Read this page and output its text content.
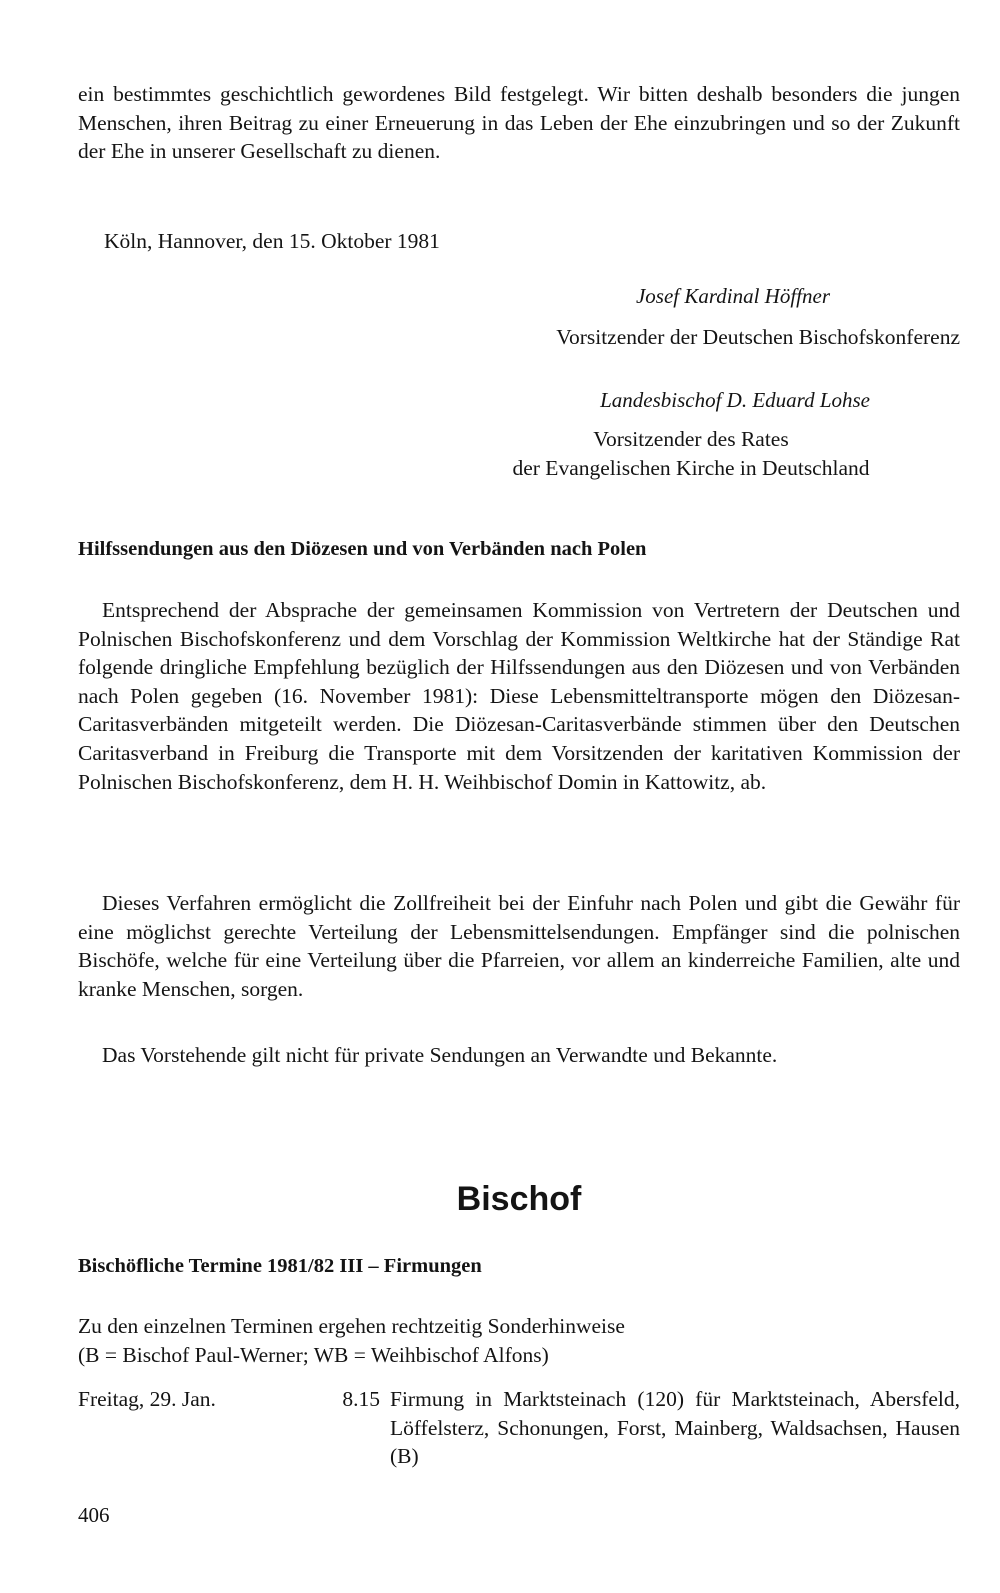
ein bestimmtes geschichtlich gewordenes Bild festgelegt. Wir bitten deshalb besonders die jungen Menschen, ihren Beitrag zu einer Erneuerung in das Leben der Ehe einzubringen und so der Zukunft der Ehe in unserer Gesellschaft zu dienen.

Köln, Hannover, den 15. Oktober 1981
Josef Kardinal Höffner
Vorsitzender der Deutschen Bischofskonferenz
Landesbischof D. Eduard Lohse
Vorsitzender des Rates
der Evangelischen Kirche in Deutschland
Hilfssendungen aus den Diözesen und von Verbänden nach Polen

Entsprechend der Absprache der gemeinsamen Kommission von Vertretern der Deutschen und Polnischen Bischofskonferenz und dem Vorschlag der Kommission Weltkirche hat der Ständige Rat folgende dringliche Empfehlung bezüglich der Hilfssendungen aus den Diözesen und von Verbänden nach Polen gegeben (16. November 1981): Diese Lebensmitteltransporte mögen den Diözesan-Caritasverbänden mitgeteilt werden. Die Diözesan-Caritasverbände stimmen über den Deutschen Caritasverband in Freiburg die Transporte mit dem Vorsitzenden der karitativen Kommission der Polnischen Bischofskonferenz, dem H. H. Weihbischof Domin in Kattowitz, ab.

Dieses Verfahren ermöglicht die Zollfreiheit bei der Einfuhr nach Polen und gibt die Gewähr für eine möglichst gerechte Verteilung der Lebensmittelsendungen. Empfänger sind die polnischen Bischöfe, welche für eine Verteilung über die Pfarreien, vor allem an kinderreiche Familien, alte und kranke Menschen, sorgen.

Das Vorstehende gilt nicht für private Sendungen an Verwandte und Bekannte.

Bischof
Bischöfliche Termine 1981/82 III – Firmungen
Zu den einzelnen Terminen ergehen rechtzeitig Sonderhinweise
(B = Bischof Paul-Werner; WB = Weihbischof Alfons)
Freitag, 29. Jan.	8.15 Firmung in Marktsteinach (120) für Marktsteinach, Abersfeld, Löffelsterz, Schonungen, Forst, Mainberg, Waldsachsen, Hausen (B)
406
